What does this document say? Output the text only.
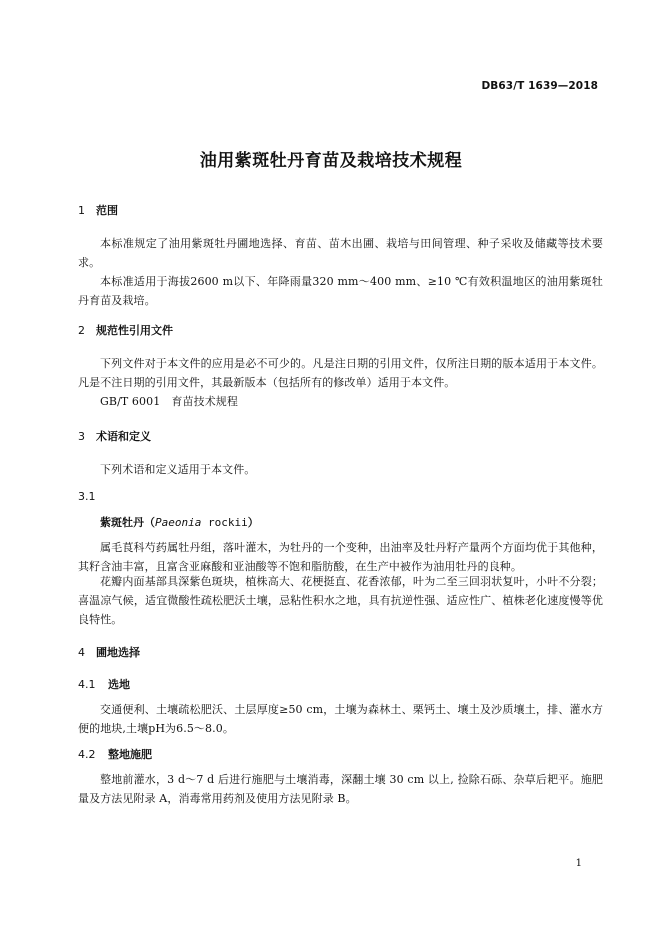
DB63/T 1639—2018
油用紫斑牡丹育苗及栽培技术规程
1 范围
本标准规定了油用紫斑牡丹圃地选择、育苗、苗木出圃、栽培与田间管理、种子采收及储藏等技术要求。
本标准适用于海拔2600 m以下、年降雨量320 mm～400 mm、≥10 ℃有效积温地区的油用紫斑牡丹育苗及栽培。
2 规范性引用文件
下列文件对于本文件的应用是必不可少的。凡是注日期的引用文件，仅所注日期的版本适用于本文件。凡是不注日期的引用文件，其最新版本（包括所有的修改单）适用于本文件。
GB/T 6001　育苗技术规程
3 术语和定义
下列术语和定义适用于本文件。
3.1
紫斑牡丹（Paeonia rockii）
属毛茛科芍药属牡丹组，落叶灌木，为牡丹的一个变种，出油率及牡丹籽产量两个方面均优于其他种，其籽含油丰富，且富含亚麻酸和亚油酸等不饱和脂肪酸，在生产中被作为油用牡丹的良种。
花瓣内面基部具深紫色斑块，植株高大、花梗挺直、花香浓郁，叶为二至三回羽状复叶，小叶不分裂；喜温凉气候，适宜微酸性疏松肥沃土壤，忌粘性积水之地，具有抗逆性强、适应性广、植株老化速度慢等优良特性。
4 圃地选择
4.1 选地
交通便利、土壤疏松肥沃、土层厚度≥50 cm，土壤为森林土、栗钙土、壤土及沙质壤土，排、灌水方便的地块,土壤pH为6.5～8.0。
4.2 整地施肥
整地前灌水，3 d～7 d 后进行施肥与土壤消毒，深翻土壤 30 cm 以上, 捡除石砾、杂草后耙平。施肥量及方法见附录 A，消毒常用药剂及使用方法见附录 B。
1
